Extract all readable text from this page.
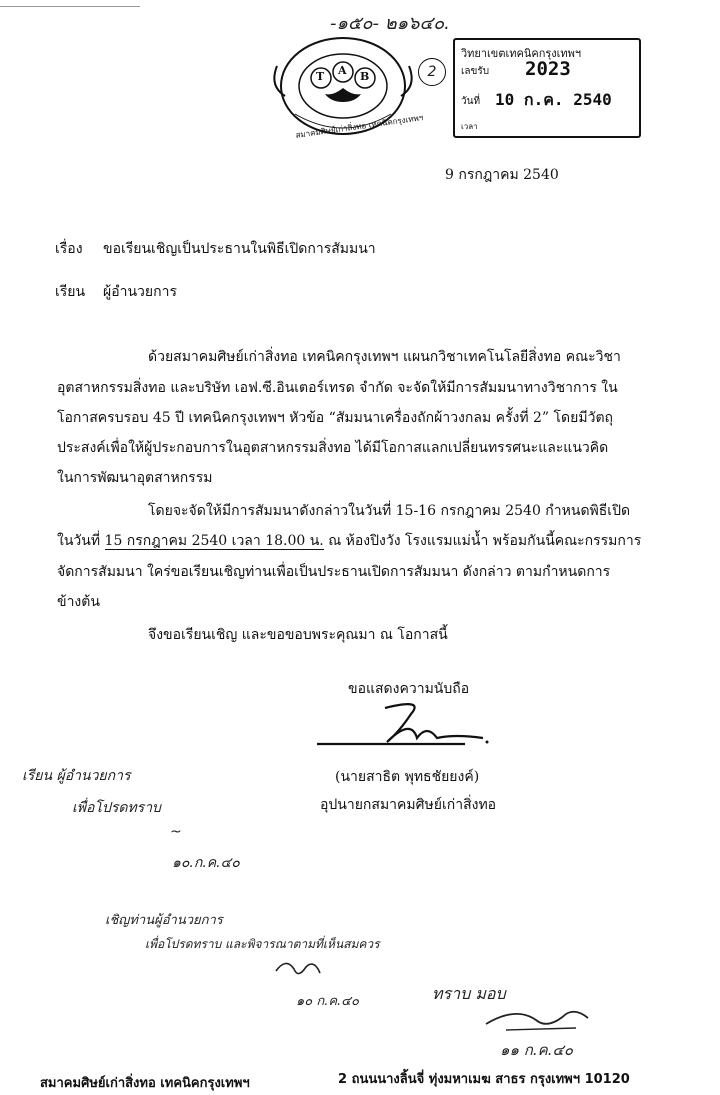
-๑๕๐- ๒๑๖๔๐.
T A B
สมาคมศิษย์เก่าสิ่งทอ เทคนิคกรุงเทพฯ
วิทยาเขตเทคนิคกรุงเทพฯ
เลขรับ 2023
วันที่ 10 ก.ค. 2540
เวลา
2
9 กรกฎาคม 2540
เรื่อง ขอเรียนเชิญเป็นประธานในพิธีเปิดการสัมมนา
เรียน ผู้อำนวยการ
ด้วยสมาคมศิษย์เก่าสิ่งทอ เทคนิคกรุงเทพฯ แผนกวิชาเทคโนโลยีสิ่งทอ คณะวิชา
อุตสาหกรรมสิ่งทอ และบริษัท เอฟ.ซี.อินเตอร์เทรด จำกัด จะจัดให้มีการสัมมนาทางวิชาการ ใน
โอกาสครบรอบ 45 ปี เทคนิคกรุงเทพฯ หัวข้อ “สัมมนาเครื่องถักผ้าวงกลม ครั้งที่ 2” โดยมีวัตถุ
ประสงค์เพื่อให้ผู้ประกอบการในอุตสาหกรรมสิ่งทอ ได้มีโอกาสแลกเปลี่ยนทรรศนะและแนวคิด
ในการพัฒนาอุตสาหกรรม
โดยจะจัดให้มีการสัมมนาดังกล่าวในวันที่ 15-16 กรกฎาคม 2540 กำหนดพิธีเปิด
ในวันที่ 15 กรกฎาคม 2540 เวลา 18.00 น. ณ ห้องปิงวัง โรงแรมแม่น้ำ พร้อมกันนี้คณะกรรมการ
จัดการสัมมนา ใคร่ขอเรียนเชิญท่านเพื่อเป็นประธานเปิดการสัมมนา ดังกล่าว ตามกำหนดการ
ข้างต้น
จึงขอเรียนเชิญ และขอขอบพระคุณมา ณ โอกาสนี้
ขอแสดงความนับถือ
(นายสาธิต พุทธชัยยงค์)
อุปนายกสมาคมศิษย์เก่าสิ่งทอ
เรียน ผู้อำนวยการ
เพื่อโปรดทราบ
~
๑๐.ก.ค.๔๐
เชิญท่านผู้อำนวยการ
เพื่อโปรดทราบ และพิจารณาตามที่เห็นสมควร
๑๐ ก.ค.๔๐	ทราบ มอบ
๑๑ ก.ค.๔๐
สมาคมศิษย์เก่าสิ่งทอ เทคนิคกรุงเทพฯ	2 ถนนนางลิ้นจี่ ทุ่งมหาเมฆ สาธร กรุงเทพฯ 10120
